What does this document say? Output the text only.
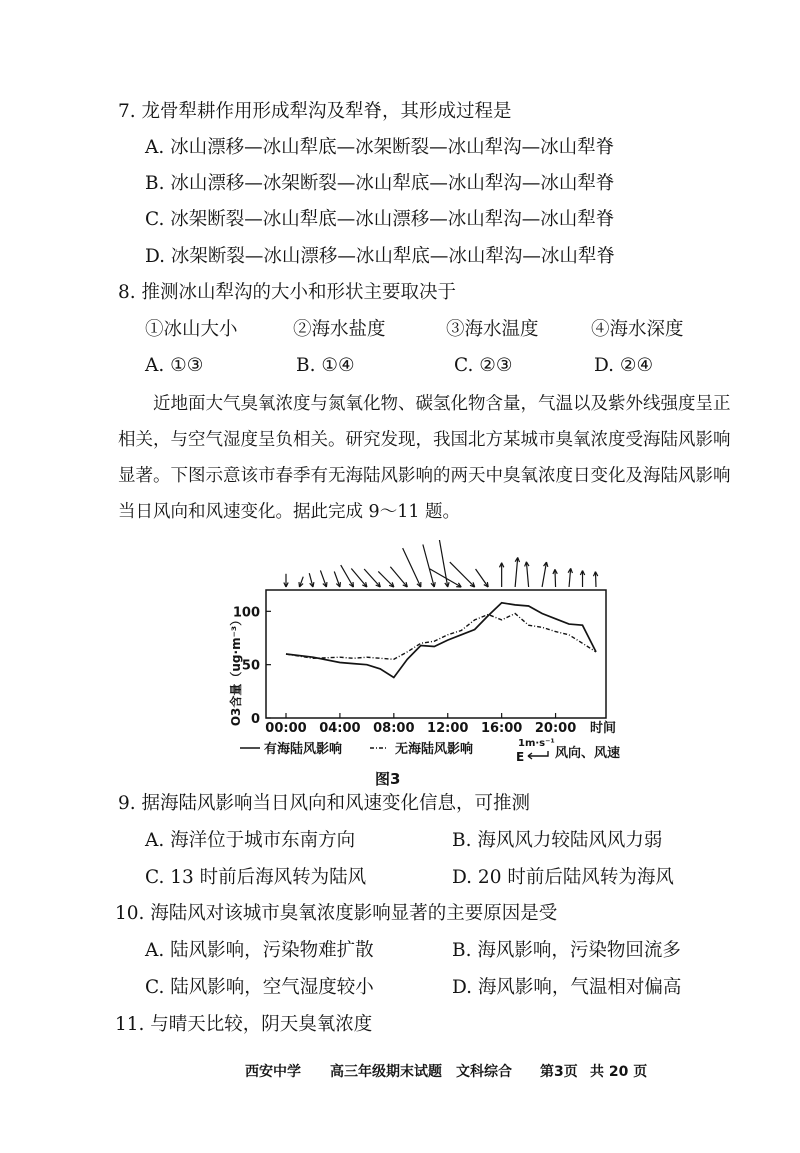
7. 龙骨犁耕作用形成犁沟及犁脊，其形成过程是
A. 冰山漂移—冰山犁底—冰架断裂—冰山犁沟—冰山犁脊
B. 冰山漂移—冰架断裂—冰山犁底—冰山犁沟—冰山犁脊
C. 冰架断裂—冰山犁底—冰山漂移—冰山犁沟—冰山犁脊
D. 冰架断裂—冰山漂移—冰山犁底—冰山犁沟—冰山犁脊
8. 推测冰山犁沟的大小和形状主要取决于
①冰山大小	②海水盐度	③海水温度	④海水深度
A. ①③	B. ①④	C. ②③	D. ②④
近地面大气臭氧浓度与氮氧化物、碳氢化物含量，气温以及紫外线强度呈正
相关，与空气湿度呈负相关。研究发现，我国北方某城市臭氧浓度受海陆风影响
显著。下图示意该市春季有无海陆风影响的两天中臭氧浓度日变化及海陆风影响
当日风向和风速变化。据此完成 9～11 题。
0
50
100
00:00 04:00 08:00 12:00 16:00 20:00
O3含量（ug·m⁻³）
时间
有海陆风影响	无海陆风影响	1m·s⁻¹
E 风向、风速
图3
9. 据海陆风影响当日风向和风速变化信息，可推测
A. 海洋位于城市东南方向	B. 海风风力较陆风风力弱
C. 13 时前后海风转为陆风	D. 20 时前后陆风转为海风
10. 海陆风对该城市臭氧浓度影响显著的主要原因是受
A. 陆风影响，污染物难扩散	B. 海风影响，污染物回流多
C. 陆风影响，空气湿度较小	D. 海风影响，气温相对偏高
11. 与晴天比较，阴天臭氧浓度
西安中学 高三年级期末试题 文科综合 第3页 共 20 页
